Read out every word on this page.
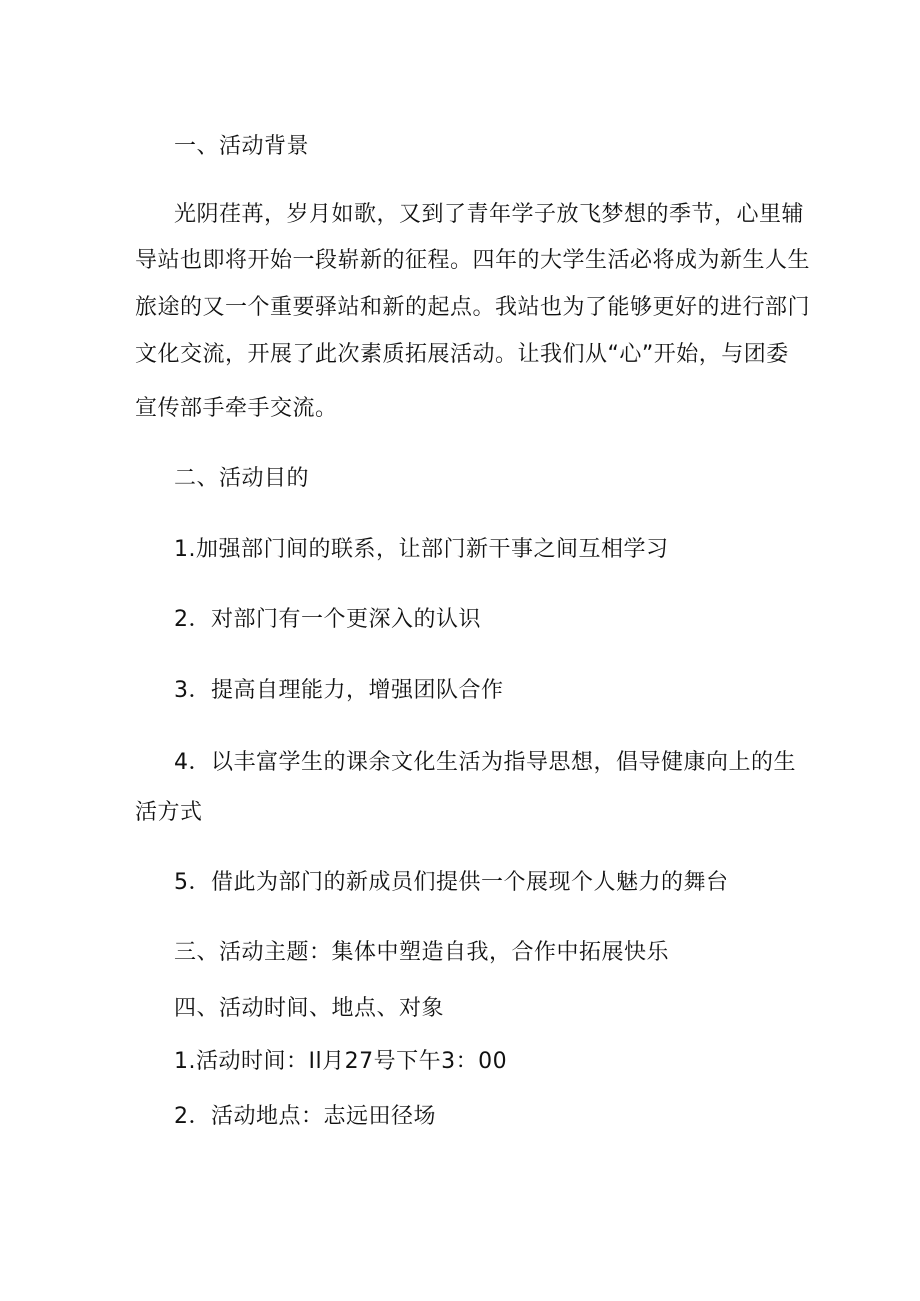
一、活动背景
光阴荏苒，岁月如歌，又到了青年学子放飞梦想的季节，心里辅
导站也即将开始一段崭新的征程。四年的大学生活必将成为新生人生
旅途的又一个重要驿站和新的起点。我站也为了能够更好的进行部门
文化交流，开展了此次素质拓展活动。让我们从“心”开始，与团委
宣传部手牵手交流。
二、活动目的
1.加强部门间的联系，让部门新干事之间互相学习
2．对部门有一个更深入的认识
3．提高自理能力，增强团队合作
4．以丰富学生的课余文化生活为指导思想，倡导健康向上的生
活方式
5．借此为部门的新成员们提供一个展现个人魅力的舞台
三、活动主题：集体中塑造自我，合作中拓展快乐
四、活动时间、地点、对象
1.活动时间：Il月27号下午3：00
2．活动地点：志远田径场
